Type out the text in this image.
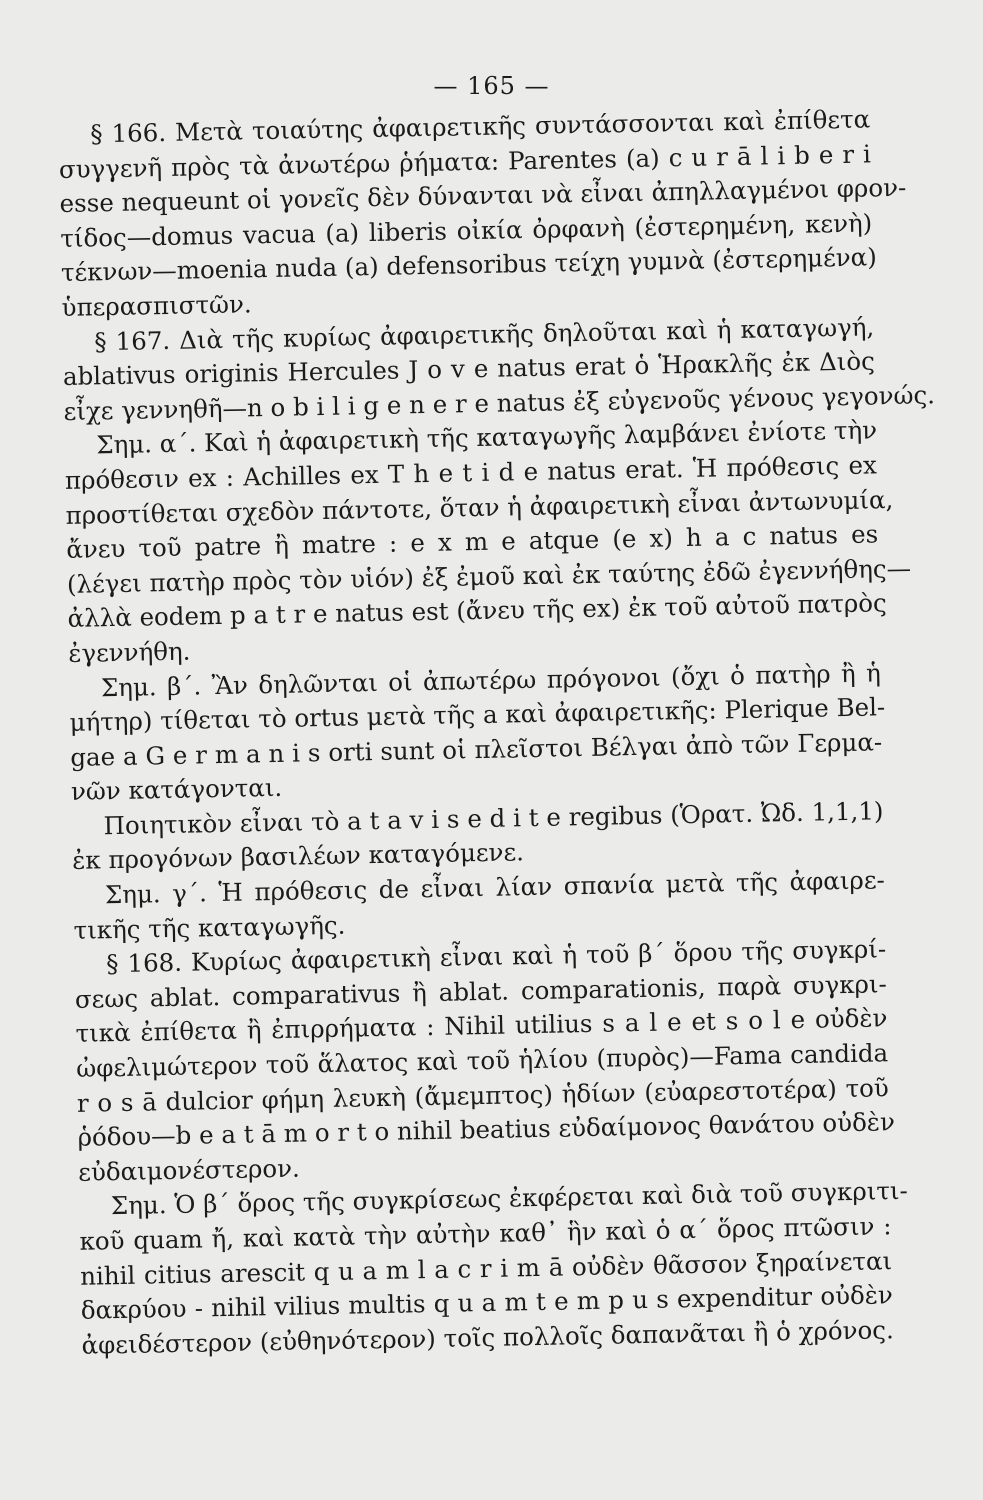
— 165 —
§ 166. Μετὰ τοιαύτης ἀφαιρετικῆς συντάσσονται καὶ ἐπίθετα
συγγενῆ πρὸς τὰ ἀνωτέρω ῥήματα: Parentes (a) c u r ā l i b e r i
esse nequeunt οἱ γονεῖς δὲν δύνανται νὰ εἶναι ἀπηλλαγμένοι φρον-
τίδος—domus vacua (a) liberis οἰκία ὀρφανὴ (ἐστερημένη, κενὴ)
τέκνων—moenia nuda (a) defensoribus τείχη γυμνὰ (ἐστερημένα)
ὑπερασπιστῶν.
§ 167. Διὰ τῆς κυρίως ἀφαιρετικῆς δηλοῦται καὶ ἡ καταγωγή,
ablativus originis Hercules J o v e natus erat ὁ Ἡρακλῆς ἐκ Διὸς
εἶχε γεννηθῆ—n o b i l i g e n e r e natus ἐξ εὐγενοῦς γένους γεγονώς.
Σημ. α΄. Καὶ ἡ ἀφαιρετικὴ τῆς καταγωγῆς λαμβάνει ἐνίοτε τὴν
πρόθεσιν ex : Achilles ex T h e t i d e natus erat. Ἡ πρόθεσις ex
προστίθεται σχεδὸν πάντοτε, ὅταν ἡ ἀφαιρετικὴ εἶναι ἀντωνυμία,
ἄνευ τοῦ patre ἢ matre : e x m e atque (e x) h a c natus es
(λέγει πατὴρ πρὸς τὸν υἱόν) ἐξ ἐμοῦ καὶ ἐκ ταύτης ἐδῶ ἐγεννήθης—
ἀλλὰ eodem p a t r e natus est (ἄνευ τῆς ex) ἐκ τοῦ αὐτοῦ πατρὸς
ἐγεννήθη.
Σημ. β΄. Ἂν δηλῶνται οἱ ἀπωτέρω πρόγονοι (ὄχι ὁ πατὴρ ἢ ἡ
μήτηρ) τίθεται τὸ ortus μετὰ τῆς a καὶ ἀφαιρετικῆς: Plerique Bel-
gae a G e r m a n i s orti sunt οἱ πλεῖστοι Βέλγαι ἀπὸ τῶν Γερμα-
νῶν κατάγονται.
Ποιητικὸν εἶναι τὸ a t a v i s e d i t e regibus (Ὁρατ. Ὠδ. 1,1,1)
ἐκ προγόνων βασιλέων καταγόμενε.
Σημ. γ΄. Ἡ πρόθεσις de εἶναι λίαν σπανία μετὰ τῆς ἀφαιρε-
τικῆς τῆς καταγωγῆς.
§ 168. Κυρίως ἀφαιρετικὴ εἶναι καὶ ἡ τοῦ β΄ ὅρου τῆς συγκρί-
σεως ablat. comparativus ἢ ablat. comparationis, παρὰ συγκρι-
τικὰ ἐπίθετα ἢ ἐπιρρήματα : Nihil utilius s a l e et s o l e οὐδὲν
ὠφελιμώτερον τοῦ ἅλατος καὶ τοῦ ἡλίου (πυρὸς)—Fama candida
r o s ā dulcior φήμη λευκὴ (ἄμεμπτος) ἡδίων (εὐαρεστοτέρα) τοῦ
ῥόδου—b e a t ā m o r t o nihil beatius εὐδαίμονος θανάτου οὐδὲν
εὐδαιμονέστερον.
Σημ. Ὁ β΄ ὅρος τῆς συγκρίσεως ἐκφέρεται καὶ διὰ τοῦ συγκριτι-
κοῦ quam ἤ, καὶ κατὰ τὴν αὐτὴν καθ᾿ ἣν καὶ ὁ α΄ ὅρος πτῶσιν :
nihil citius arescit q u a m l a c r i m ā οὐδὲν θᾶσσον ξηραίνεται
δακρύου - nihil vilius multis q u a m t e m p u s expenditur οὐδὲν
ἀφειδέστερον (εὐθηνότερον) τοῖς πολλοῖς δαπανᾶται ἢ ὁ χρόνος.
